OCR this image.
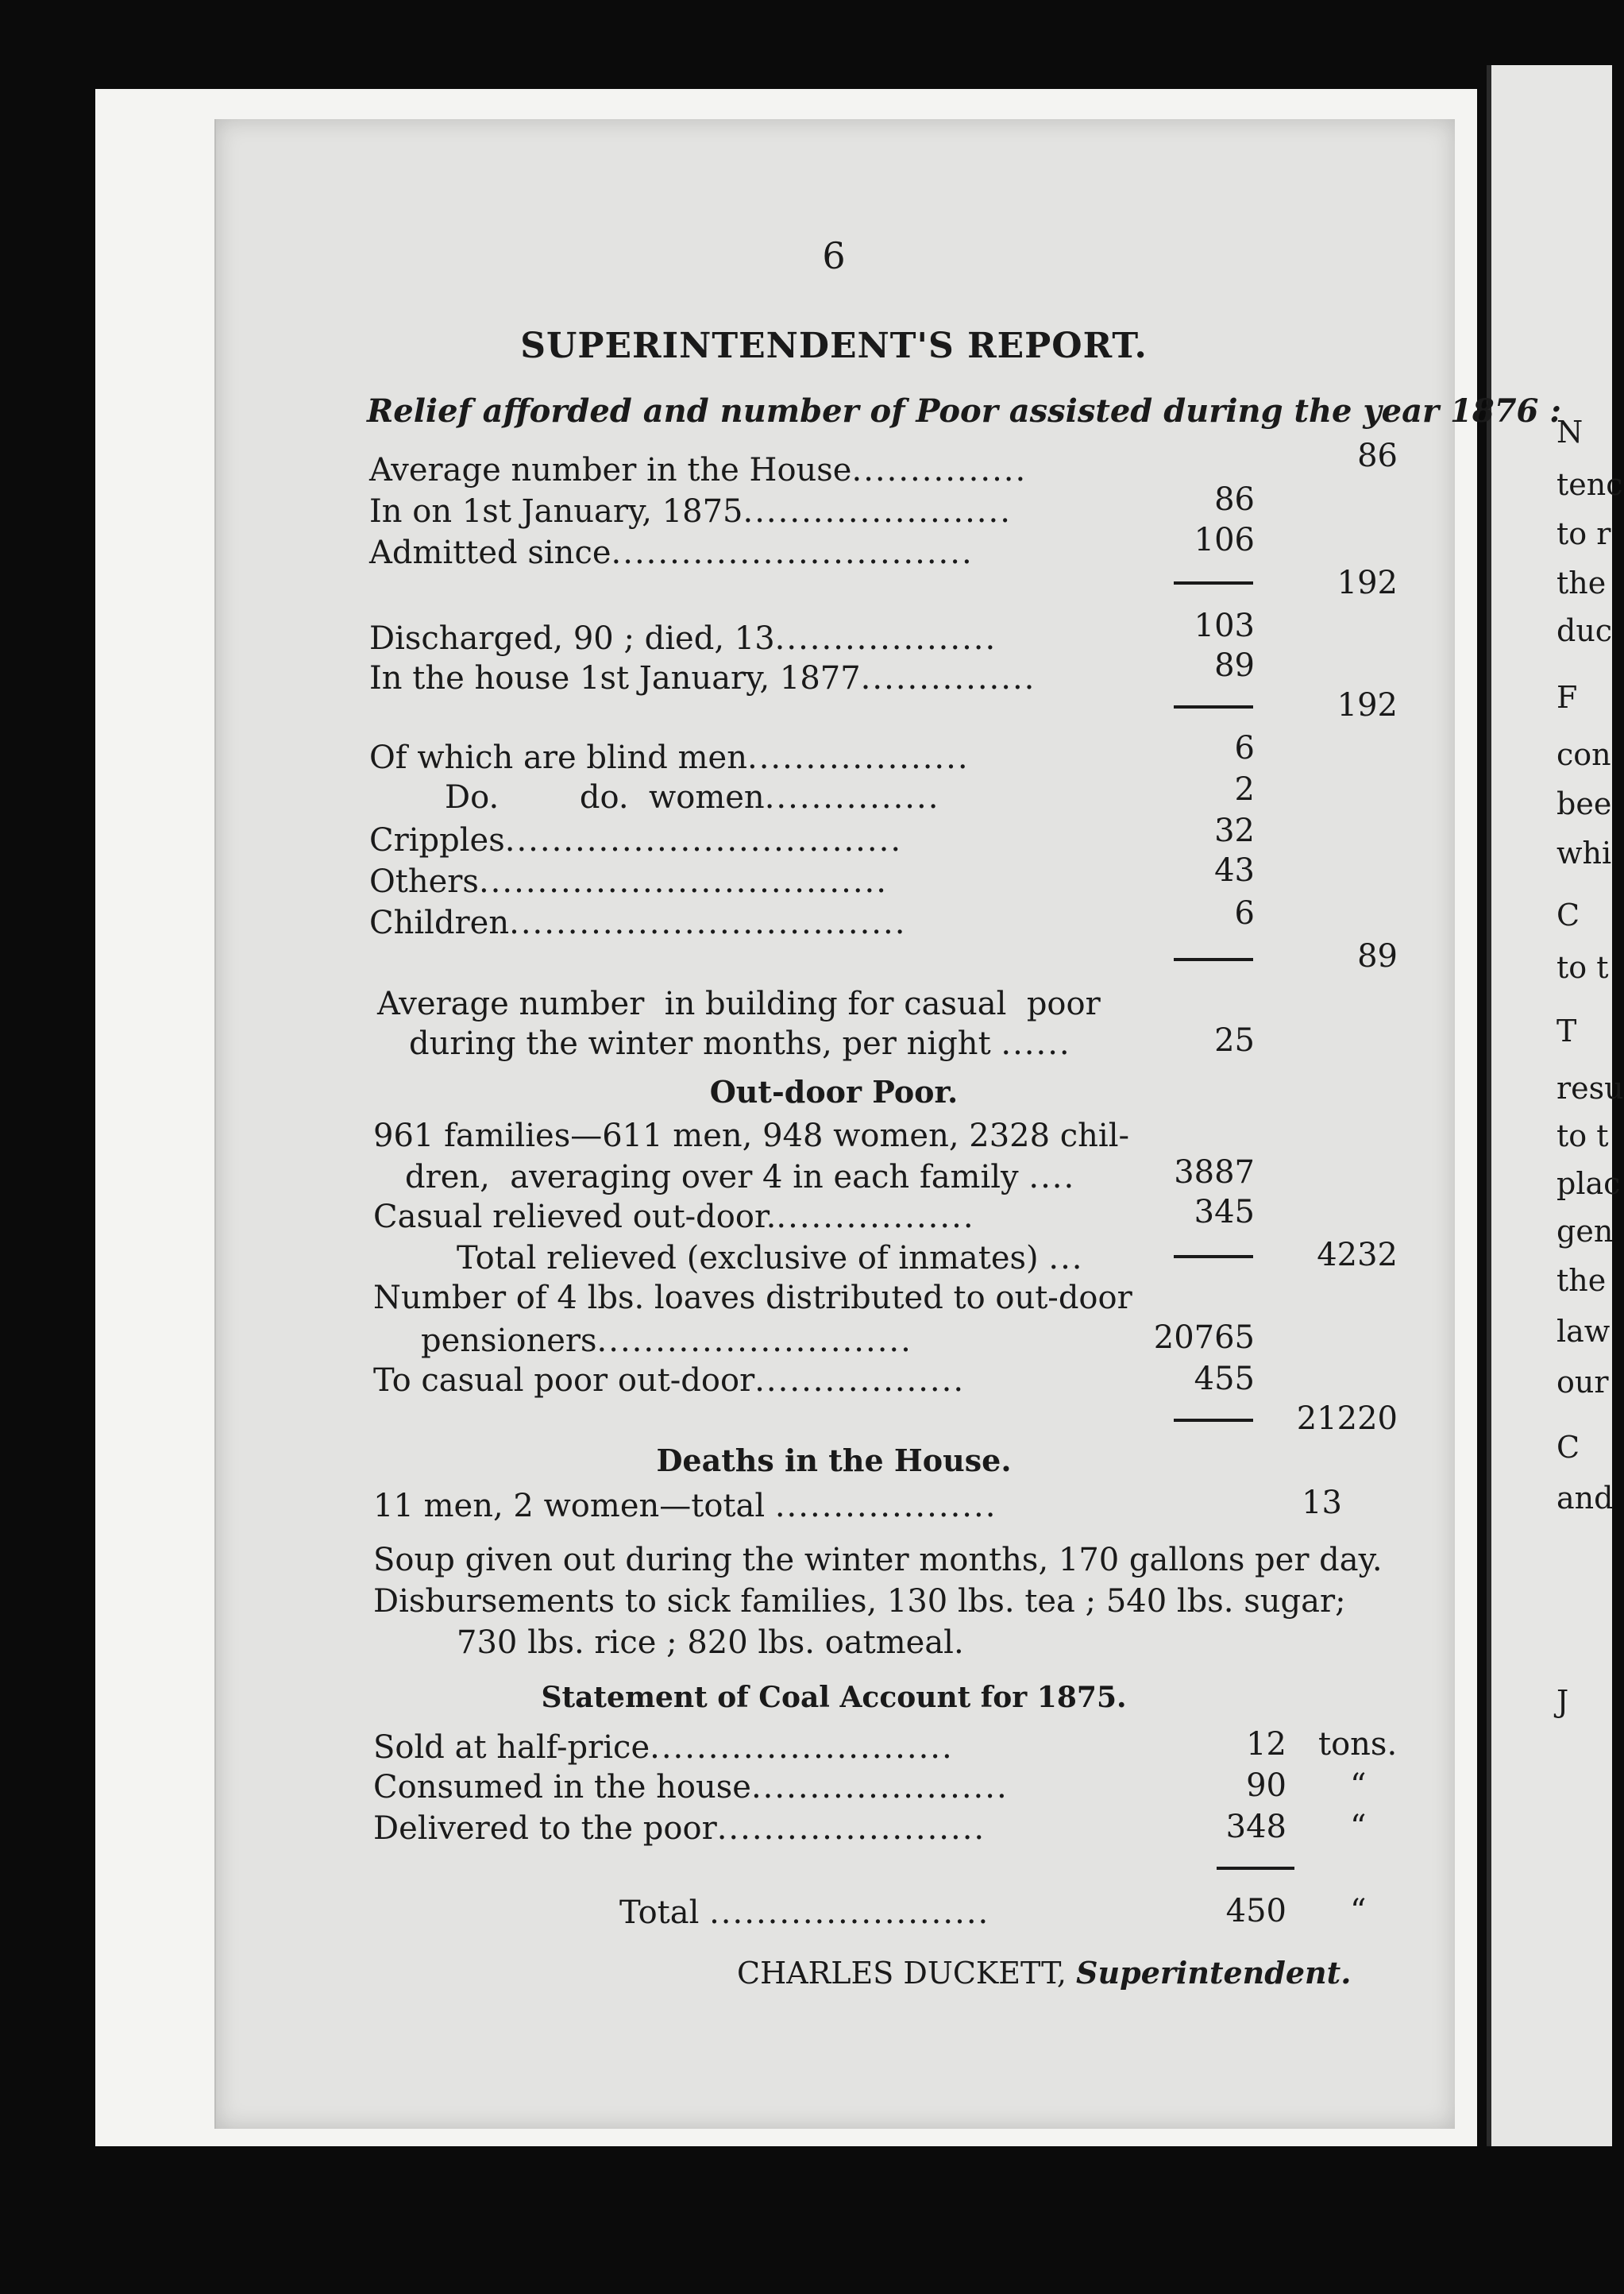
6
SUPERINTENDENT'S REPORT.
Relief afforded and number of Poor assisted during the year 1876 :
Average number in the House...............	86
In on 1st January, 1875.......................	86
Admitted since...............................	106
192
Discharged, 90 ; died, 13...................	103
In the house 1st January, 1877...............	89
192
Of which are blind men...................	6
Do.        do.  women...............	2
Cripples..................................	32
Others...................................	43
Children..................................	6
89
Average number  in building for casual  poor
during the winter months, per night ......	25
Out-door Poor.
961 families—611 men, 948 women, 2328 chil-
dren,  averaging over 4 in each family ....	3887
Casual relieved out-door..................	345
Total relieved (exclusive of inmates) ...	4232
Number of 4 lbs. loaves distributed to out-door
pensioners...........................	20765
To casual poor out-door..................	455
21220
Deaths in the House.
11 men, 2 women—total ...................	13
Soup given out during the winter months, 170 gallons per day.
Disbursements to sick families, 130 lbs. tea ; 540 lbs. sugar;
730 lbs. rice ; 820 lbs. oatmeal.
Statement of Coal Account for 1875.
Sold at half-price..........................	12 tons.
Consumed in the house......................	90 “
Delivered to the poor.......................	348 “
Total ........................	450 “
CHARLES DUCKETT, Superintendent.
N
tenc
to r
the
duc
F
con
bee
whi
C
to t
T
resu
to t
plac
gen
the
law
our
C
and
J
